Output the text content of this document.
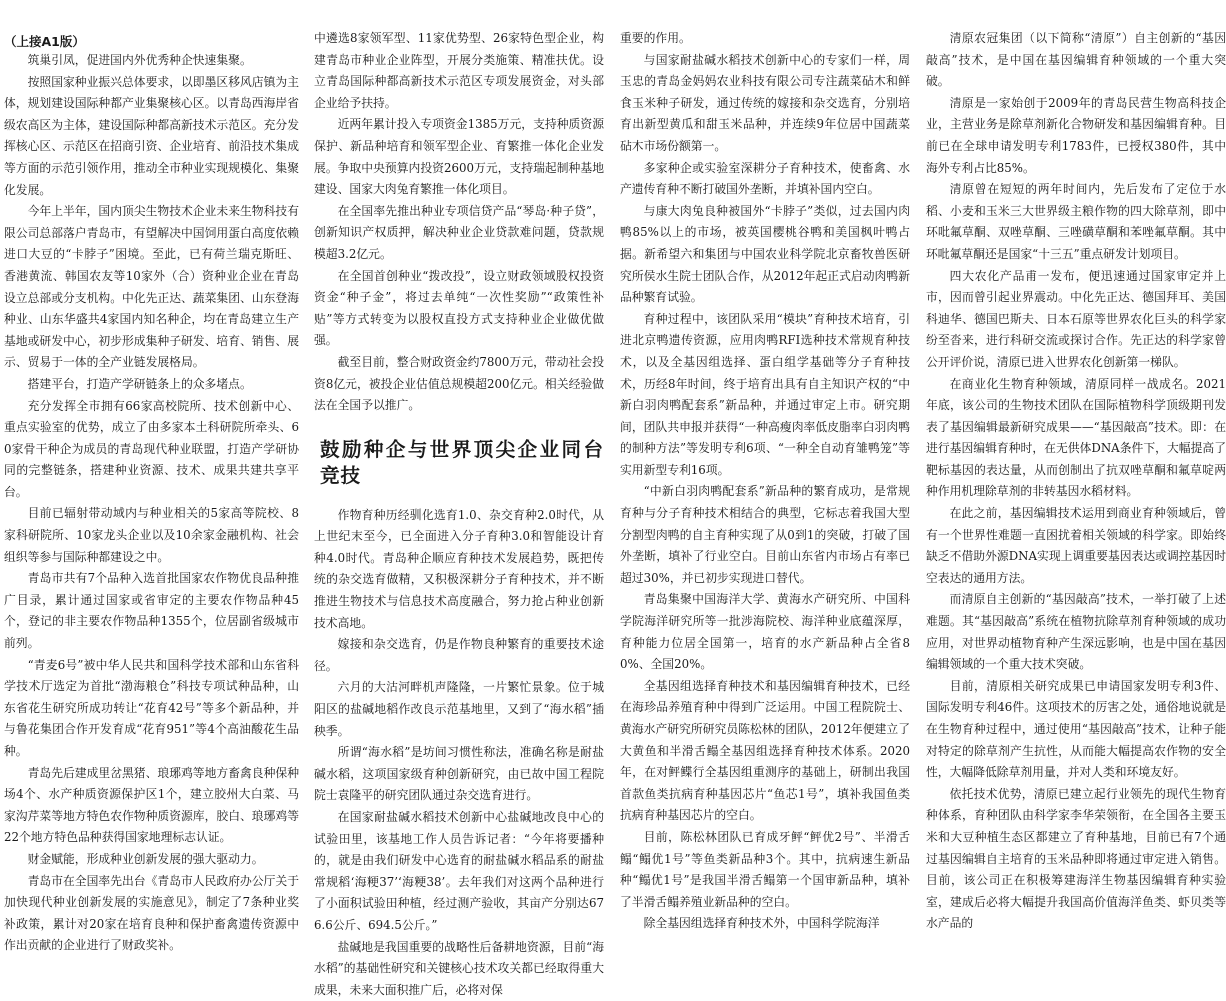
（上接A1版）

筑巢引凤，促进国内外优秀种企快速集聚。

按照国家种业振兴总体要求，以即墨区移风店镇为主体，规划建设国际种都产业集聚核心区。以青岛西海岸省级农高区为主体，建设国际种都高新技术示范区。充分发挥核心区、示范区在招商引资、企业培育、前沿技术集成等方面的示范引领作用，推动全市种业实现规模化、集聚化发展。

今年上半年，国内顶尖生物技术企业未来生物科技有限公司总部落户青岛市，有望解决中国饲用蛋白高度依赖进口大豆的“卡脖子”困境。至此，已有荷兰瑞克斯旺、香港黄流、韩国农友等10家外（合）资种业企业在青岛设立总部或分支机构。中化先正达、蔬菜集团、山东登海种业、山东华盛共4家国内知名种企，均在青岛建立生产基地或研发中心，初步形成集种子研发、培育、销售、展示、贸易于一体的全产业链发展格局。

搭建平台，打造产学研链条上的众多堵点。

充分发挥全市拥有66家高校院所、技术创新中心、重点实验室的优势，成立了由多家本土科研院所牵头、60家骨干种企为成员的青岛现代种业联盟，打造产学研协同的完整链条，搭建种业资源、技术、成果共建共享平台。

目前已辐射带动域内与种业相关的5家高等院校、8家科研院所、10家龙头企业以及10余家金融机构、社会组织等参与国际种都建设之中。

青岛市共有7个品种入选首批国家农作物优良品种推广目录，累计通过国家或省审定的主要农作物品种45个，登记的非主要农作物品种1355个，位居副省级城市前列。

“青麦6号”被中华人民共和国科学技术部和山东省科学技术厅选定为首批“渤海粮仓”科技专项试种品种，山东省花生研究所成功转让“花育42号”等多个新品种，并与鲁花集团合作开发育成“花育951”等4个高油酸花生品种。

青岛先后建成里岔黑猪、琅琊鸡等地方畜禽良种保种场4个、水产种质资源保护区1个，建立胶州大白菜、马家沟芹菜等地方特色农作物种质资源库，胶白、琅琊鸡等22个地方特色品种获得国家地理标志认证。

财金赋能，形成种业创新发展的强大驱动力。

青岛市在全国率先出台《青岛市人民政府办公厅关于加快现代种业创新发展的实施意见》，制定了7条种业奖补政策，累计对20家在培育良种和保护畜禽遗传资源中作出贡献的企业进行了财政奖补。

中遴选8家领军型、11家优势型、26家特色型企业，构建青岛市种业企业阵型，开展分类施策、精准扶优。设立青岛国际种都高新技术示范区专项发展资金，对头部企业给予扶持。

近两年累计投入专项资金1385万元，支持种质资源保护、新品种培育和领军型企业、育繁推一体化企业发展。争取中央预算内投资2600万元，支持瑞起制种基地建设、国家大肉兔育繁推一体化项目。

在全国率先推出种业专项信贷产品“琴岛·种子贷”，创新知识产权质押，解决种业企业贷款难问题，贷款规模超3.2亿元。

在全国首创种业“拨改投”，设立财政领域股权投资资金“种子金”，将过去单纯“一次性奖励”“政策性补贴”等方式转变为以股权直投方式支持种业企业做优做强。

截至目前，整合财政资金约7800万元，带动社会投资8亿元，被投企业估值总规模超200亿元。相关经验做法在全国予以推广。

鼓励种企与世界顶尖企业同台竞技

作物育种历经驯化选育1.0、杂交育种2.0时代，从上世纪末至今，已全面进入分子育种3.0和智能设计育种4.0时代。青岛种企顺应育种技术发展趋势，既把传统的杂交选育做精，又积极深耕分子育种技术，并不断推进生物技术与信息技术高度融合，努力抢占种业创新技术高地。

嫁接和杂交选育，仍是作物良种繁育的重要技术途径。

六月的大沽河畔机声隆隆，一片繁忙景象。位于城阳区的盐碱地稻作改良示范基地里，又到了“海水稻”插秧季。

所谓“海水稻”是坊间习惯性称法，准确名称是耐盐碱水稻，这项国家级育种创新研究，由已故中国工程院院士袁隆平的研究团队通过杂交选育进行。

在国家耐盐碱水稻技术创新中心盐碱地改良中心的试验田里，该基地工作人员告诉记者：“今年将要播种的，就是由我们研发中心选育的耐盐碱水稻品系的耐盐常规稻‘海粳37’‘海粳38’。去年我们对这两个品种进行了小面积试验田种植，经过测产验收，其亩产分别达676.6公斤、694.5公斤。”

盐碱地是我国重要的战略性后备耕地资源，目前“海水稻”的基础性研究和关键核心技术攻关都已经取得重大成果，未来大面积推广后，必将对保

重要的作用。

与国家耐盐碱水稻技术创新中心的专家们一样，周玉忠的青岛金妈妈农业科技有限公司专注蔬菜砧木和鲜食玉米种子研发，通过传统的嫁接和杂交选育，分别培育出新型黄瓜和甜玉米品种，并连续9年位居中国蔬菜砧木市场份额第一。

多家种企或实验室深耕分子育种技术，使畜禽、水产遗传育种不断打破国外垄断，并填补国内空白。

与康大肉兔良种被国外“卡脖子”类似，过去国内肉鸭85%以上的市场，被英国樱桃谷鸭和美国枫叶鸭占据。新希望六和集团与中国农业科学院北京畜牧兽医研究所侯水生院士团队合作，从2012年起正式启动肉鸭新品种繁育试验。

育种过程中，该团队采用“模块”育种技术培育，引进北京鸭遗传资源，应用肉鸭RFI选种技术常规育种技术，以及全基因组选择、蛋白组学基础等分子育种技术，历经8年时间，终于培育出具有自主知识产权的“中新白羽肉鸭配套系”新品种，并通过审定上市。研究期间，团队共申报并获得“一种高瘦肉率低皮脂率白羽肉鸭的制种方法”等发明专利6项、“一种全自动育雏鸭笼”等实用新型专利16项。

“中新白羽肉鸭配套系”新品种的繁育成功，是常规育种与分子育种技术相结合的典型，它标志着我国大型分割型肉鸭的自主育种实现了从0到1的突破，打破了国外垄断，填补了行业空白。目前山东省内市场占有率已超过30%，并已初步实现进口替代。

青岛集聚中国海洋大学、黄海水产研究所、中国科学院海洋研究所等一批涉海院校、海洋种业底蕴深厚，育种能力位居全国第一，培育的水产新品种占全省80%、全国20%。

全基因组选择育种技术和基因编辑育种技术，已经在海珍品养殖育种中得到广泛运用。中国工程院院士、黄海水产研究所研究员陈松林的团队，2012年便建立了大黄鱼和半滑舌鳎全基因组选择育种技术体系。2020年，在对鲆鲽行全基因组重测序的基础上，研制出我国首款鱼类抗病育种基因芯片“鱼芯1号”，填补我国鱼类抗病育种基因芯片的空白。

目前，陈松林团队已育成牙鲆“鲆优2号”、半滑舌鳎“鳎优1号”等鱼类新品种3个。其中，抗病速生新品种“鳎优1号”是我国半滑舌鳎第一个国审新品种，填补了半滑舌鳎养殖业新品种的空白。

除全基因组选择育种技术外，中国科学院海洋

清原农冠集团（以下简称“清原”）自主创新的“基因敲高”技术，是中国在基因编辑育种领域的一个重大突破。

清原是一家始创于2009年的青岛民营生物高科技企业，主营业务是除草剂新化合物研发和基因编辑育种。目前已在全球申请发明专利1783件，已授权380件，其中海外专利占比85%。

清原曾在短短的两年时间内，先后发布了定位于水稻、小麦和玉米三大世界级主粮作物的四大除草剂，即中环吡氟草酮、双唑草酮、三唑磺草酮和苯唑氟草酮。其中环吡氟草酮还是国家“十三五”重点研发计划项目。

四大农化产品甫一发布，便迅速通过国家审定并上市，因而曾引起业界震动。中化先正达、德国拜耳、美国科迪华、德国巴斯夫、日本石原等世界农化巨头的科学家纷至沓来，进行科研交流或探讨合作。先正达的科学家曾公开评价说，清原已进入世界农化创新第一梯队。

在商业化生物育种领域，清原同样一战成名。2021年底，该公司的生物技术团队在国际植物科学顶级期刊发表了基因编辑最新研究成果——“基因敲高”技术。即：在进行基因编辑育种时，在无供体DNA条件下，大幅提高了靶标基因的表达量，从而创制出了抗双唑草酮和氟草啶两种作用机理除草剂的非转基因水稻材料。

在此之前，基因编辑技术运用到商业育种领域后，曾有一个世界性难题一直困扰着相关领域的科学家。即始终缺乏不借助外源DNA实现上调重要基因表达或调控基因时空表达的通用方法。

而清原自主创新的“基因敲高”技术，一举打破了上述难题。其“基因敲高”系统在植物抗除草剂育种领域的成功应用，对世界动植物育种产生深远影响，也是中国在基因编辑领域的一个重大技术突破。

目前，清原相关研究成果已申请国家发明专利3件、国际发明专利46件。这项技术的厉害之处，通俗地说就是在生物育种过程中，通过使用“基因敲高”技术，让种子能对特定的除草剂产生抗性，从而能大幅提高农作物的安全性，大幅降低除草剂用量，并对人类和环境友好。

依托技术优势，清原已建立起行业领先的现代生物育种体系，育种团队由科学家李华荣领衔，在全国各主要玉米和大豆种植生态区都建立了育种基地，目前已有7个通过基因编辑自主培育的玉米品种即将通过审定进入销售。目前，该公司正在积极筹建海洋生物基因编辑育种实验室，建成后必将大幅提升我国高价值海洋鱼类、虾贝类等水产品的
